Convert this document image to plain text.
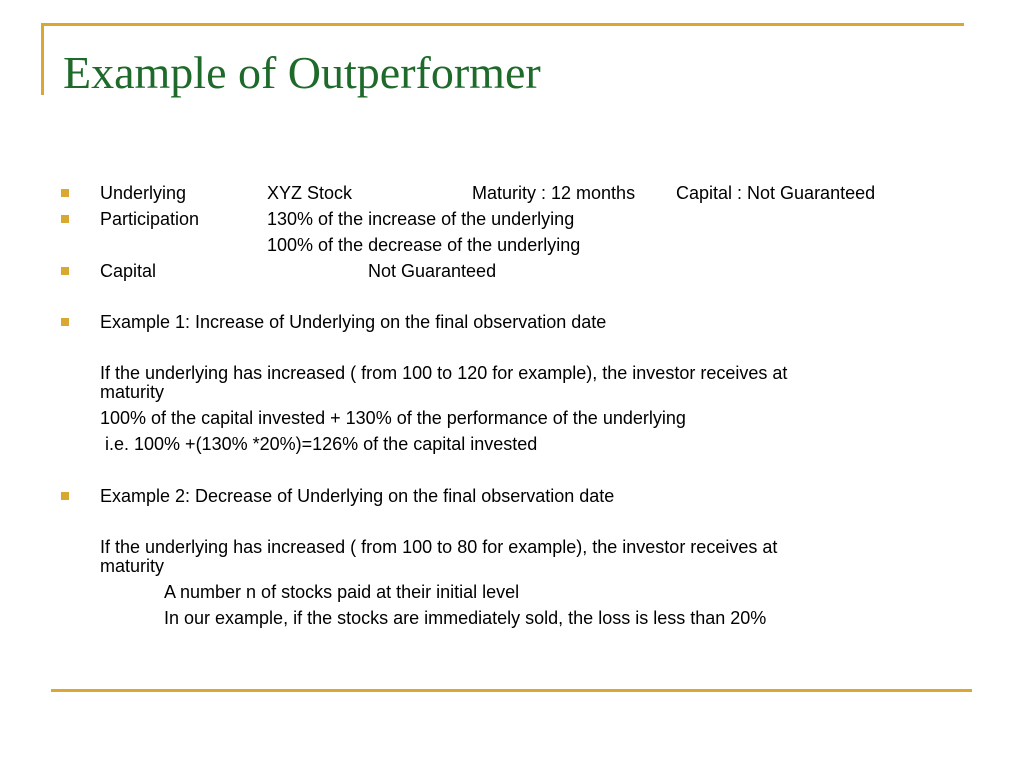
Example of Outperformer
Underlying	XYZ Stock	Maturity : 12 months Capital : Not Guaranteed
Participation	130% of the increase of the underlying
100% of the decrease of the underlying
Capital	Not Guaranteed
Example 1: Increase of Underlying on the final observation date
If the underlying has increased ( from 100 to 120 for example), the investor receives at
maturity
100% of the capital invested + 130% of the performance of the underlying
i.e. 100% +(130% *20%)=126% of the capital invested
Example 2: Decrease of Underlying on the final observation date
If the underlying has increased ( from 100 to 80 for example), the investor receives at
maturity
A number n of stocks paid at their initial level
In our example, if the stocks are immediately sold, the loss is less than 20%
